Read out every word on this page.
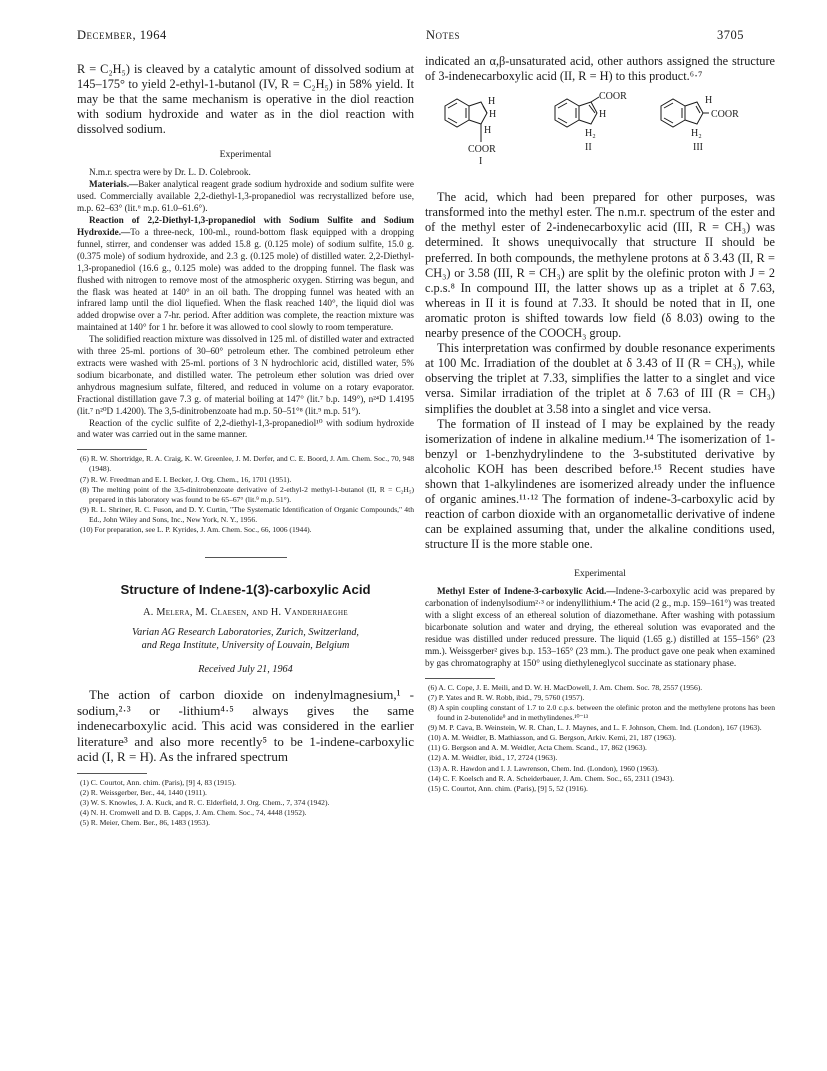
December, 1964	Notes	3705

R = C₂H₅) is cleaved by a catalytic amount of dissolved sodium at 145–175° to yield 2-ethyl-1-butanol (IV, R = C₂H₅) in 58% yield. It may be that the same mechanism is operative in the diol reaction with sodium hydroxide and water as in the diol reaction with dissolved sodium.

Experimental

N.m.r. spectra were by Dr. L. D. Colebrook.

Materials.—Baker analytical reagent grade sodium hydroxide and sodium sulfite were used. Commercially available 2,2-diethyl-1,3-propanediol was recrystallized before use, m.p. 62–63° (lit.⁶ m.p. 61.0–61.6°).

Reaction of 2,2-Diethyl-1,3-propanediol with Sodium Sulfite and Sodium Hydroxide.—To a three-neck, 100-ml., round-bottom flask equipped with a dropping funnel, stirrer, and condenser was added 15.8 g. (0.125 mole) of sodium sulfite, 15.0 g. (0.375 mole) of sodium hydroxide, and 2.3 g. (0.125 mole) of distilled water. 2,2-Diethyl-1,3-propanediol (16.6 g., 0.125 mole) was added to the dropping funnel. The flask was flushed with nitrogen to remove most of the atmospheric oxygen. Stirring was begun, and the flask was heated at 140° in an oil bath. The dropping funnel was heated with an infrared lamp until the diol liquefied. When the flask reached 140°, the liquid diol was added dropwise over a 7-hr. period. After addition was complete, the reaction mixture was maintained at 140° for 1 hr. before it was allowed to cool slowly to room temperature.

The solidified reaction mixture was dissolved in 125 ml. of distilled water and extracted with three 25-ml. portions of 30–60° petroleum ether. The combined petroleum ether extracts were washed with 25-ml. portions of 3 N hydrochloric acid, distilled water, 5% sodium bicarbonate, and distilled water. The petroleum ether solution was dried over anhydrous magnesium sulfate, filtered, and reduced in volume on a rotary evaporator. Fractional distillation gave 7.3 g. of material boiling at 147° (lit.⁷ b.p. 149°), n²⁴D 1.4195 (lit.⁷ n²⁰D 1.4200). The 3,5-dinitrobenzoate had m.p. 50–51°⁸ (lit.⁹ m.p. 51°).

Reaction of the cyclic sulfite of 2,2-diethyl-1,3-propanediol¹⁰ with sodium hydroxide and water was carried out in the same manner.

(6) R. W. Shortridge, R. A. Craig, K. W. Greenlee, J. M. Derfer, and C. E. Boord, J. Am. Chem. Soc., 70, 948 (1948).

(7) R. W. Freedman and E. I. Becker, J. Org. Chem., 16, 1701 (1951).

(8) The melting point of the 3,5-dinitrobenzoate derivative of 2-ethyl-2 methyl-1-butanol (II, R = C₂H₅) prepared in this laboratory was found to be 65–67° (lit.⁹ m.p. 51°).

(9) R. L. Shriner, R. C. Fuson, and D. Y. Curtin, "The Systematic Identification of Organic Compounds," 4th Ed., John Wiley and Sons, Inc., New York, N. Y., 1956.

(10) For preparation, see L. P. Kyrides, J. Am. Chem. Soc., 66, 1006 (1944).

Structure of Indene-1(3)-carboxylic Acid
A. Melera, M. Claesen, and H. Vanderhaeghe
Varian AG Research Laboratories, Zurich, Switzerland,
and Rega Institute, University of Louvain, Belgium
Received July 21, 1964

The action of carbon dioxide on indenylmagnesium,¹ -sodium,²·³ or -lithium⁴·⁵ always gives the same indenecarboxylic acid. This acid was considered in the earlier literature³ and also more recently⁵ to be 1-indene-carboxylic acid (I, R = H). As the infrared spectrum

(1) C. Courtot, Ann. chim. (Paris), [9] 4, 83 (1915).

(2) R. Weissgerber, Ber., 44, 1440 (1911).

(3) W. S. Knowles, J. A. Kuck, and R. C. Elderfield, J. Org. Chem., 7, 374 (1942).

(4) N. H. Cromwell and D. B. Capps, J. Am. Chem. Soc., 74, 4448 (1952).

(5) R. Meier, Chem. Ber., 86, 1483 (1953).

indicated an α,β-unsaturated acid, other authors assigned the structure of 3-indenecarboxylic acid (II, R = H) to this product.⁶·⁷

H
H
H
COOR
I
COOR
H
H₂
II
H
COOR
H₂
III

The acid, which had been prepared for other purposes, was transformed into the methyl ester. The n.m.r. spectrum of the ester and of the methyl ester of 2-indenecarboxylic acid (III, R = CH₃) was determined. It shows unequivocally that structure II should be preferred. In both compounds, the methylene protons at δ 3.43 (II, R = CH₃) or 3.58 (III, R = CH₃) are split by the olefinic proton with J = 2 c.p.s.⁸ In compound III, the latter shows up as a triplet at δ 7.63, whereas in II it is found at 7.33. It should be noted that in II, one aromatic proton is shifted towards low field (δ 8.03) owing to the nearby presence of the COOCH₃ group.

This interpretation was confirmed by double resonance experiments at 100 Mc. Irradiation of the doublet at δ 3.43 of II (R = CH₃), while observing the triplet at 7.33, simplifies the latter to a singlet and vice versa. Similar irradiation of the triplet at δ 7.63 of III (R = CH₃) simplifies the doublet at 3.58 into a singlet and vice versa.

The formation of II instead of I may be explained by the ready isomerization of indene in alkaline medium.¹⁴ The isomerization of 1-benzyl or 1-benzhydrylindene to the 3-substituted derivative by alcoholic KOH has been described before.¹⁵ Recent studies have shown that 1-alkylindenes are isomerized already under the influence of organic amines.¹¹·¹² The formation of indene-3-carboxylic acid by reaction of carbon dioxide with an organometallic derivative of indene can be explained assuming that, under the alkaline conditions used, structure II is the more stable one.

Experimental

Methyl Ester of Indene-3-carboxylic Acid.—Indene-3-carboxylic acid was prepared by carbonation of indenylsodium²·³ or indenyllithium.⁴ The acid (2 g., m.p. 159–161°) was treated with a slight excess of an ethereal solution of diazomethane. After washing with potassium bicarbonate solution and water and drying, the ethereal solution was evaporated and the residue was distilled under reduced pressure. The liquid (1.65 g.) distilled at 155–156° (23 mm.). Weissgerber² gives b.p. 153–165° (23 mm.). The product gave one peak when examined by gas chromatography at 150° using diethyleneglycol succinate as stationary phase.

(6) A. C. Cope, J. E. Meili, and D. W. H. MacDowell, J. Am. Chem. Soc. 78, 2557 (1956).

(7) P. Yates and R. W. Robb, ibid., 79, 5760 (1957).

(8) A spin coupling constant of 1.7 to 2.0 c.p.s. between the olefinic proton and the methylene protons has been found in 2-butenolide⁹ and in methylindenes.¹⁰⁻¹³

(9) M. P. Cava, B. Weinstein, W. R. Chan, L. J. Maynes, and L. F. Johnson, Chem. Ind. (London), 167 (1963).

(10) A. M. Weidler, B. Mathiasson, and G. Bergson, Arkiv. Kemi, 21, 187 (1963).

(11) G. Bergson and A. M. Weidler, Acta Chem. Scand., 17, 862 (1963).

(12) A. M. Weidler, ibid., 17, 2724 (1963).

(13) A. R. Hawdon and I. J. Lawrenson, Chem. Ind. (London), 1960 (1963).

(14) C. F. Koelsch and R. A. Scheiderbauer, J. Am. Chem. Soc., 65, 2311 (1943).

(15) C. Courtot, Ann. chim. (Paris), [9] 5, 52 (1916).
